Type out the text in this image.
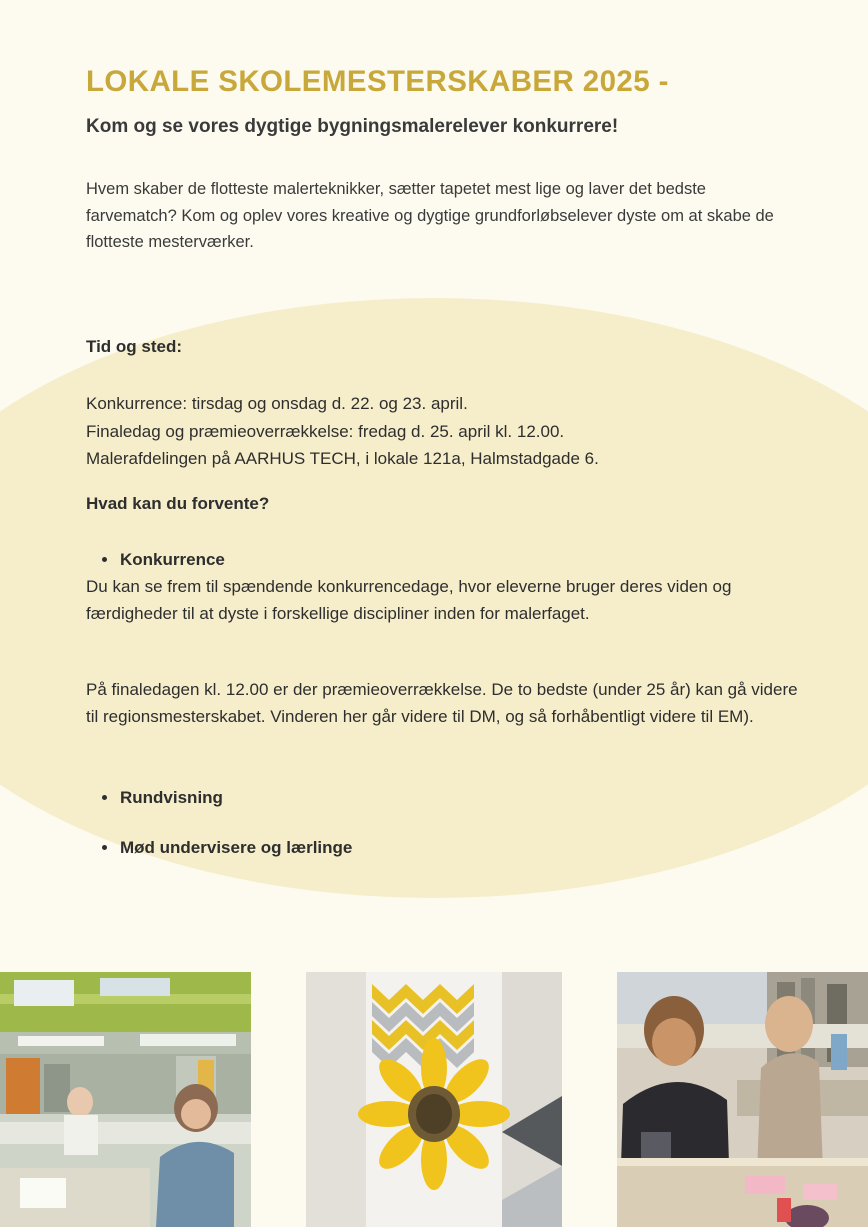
LOKALE SKOLEMESTERSKABER 2025 -
Kom og se vores dygtige bygningsmalerelever konkurrere!
Hvem skaber de flotteste malerteknikker, sætter tapetet mest lige og laver det bedste farvematch? Kom og oplev vores kreative og dygtige grundforløbselever dyste om at skabe de flotteste mesterværker.
Tid og sted:
Konkurrence: tirsdag og onsdag d. 22. og 23. april.
Finaledag og præmieoverrækkelse: fredag d. 25. april kl. 12.00.
Malerafdelingen på AARHUS TECH, i lokale 121a, Halmstadgade 6.
Hvad kan du forvente?
Konkurrence
Du kan se frem til spændende konkurrencedage, hvor eleverne bruger deres viden og færdigheder til at dyste i forskellige discipliner inden for malerfaget.
På finaledagen kl. 12.00 er der præmieoverrækkelse. De to bedste (under 25 år) kan gå videre til regionsmesterskabet. Vinderen her går videre til DM, og så forhåbentligt videre til EM).
Rundvisning
Mød undervisere og lærlinge
